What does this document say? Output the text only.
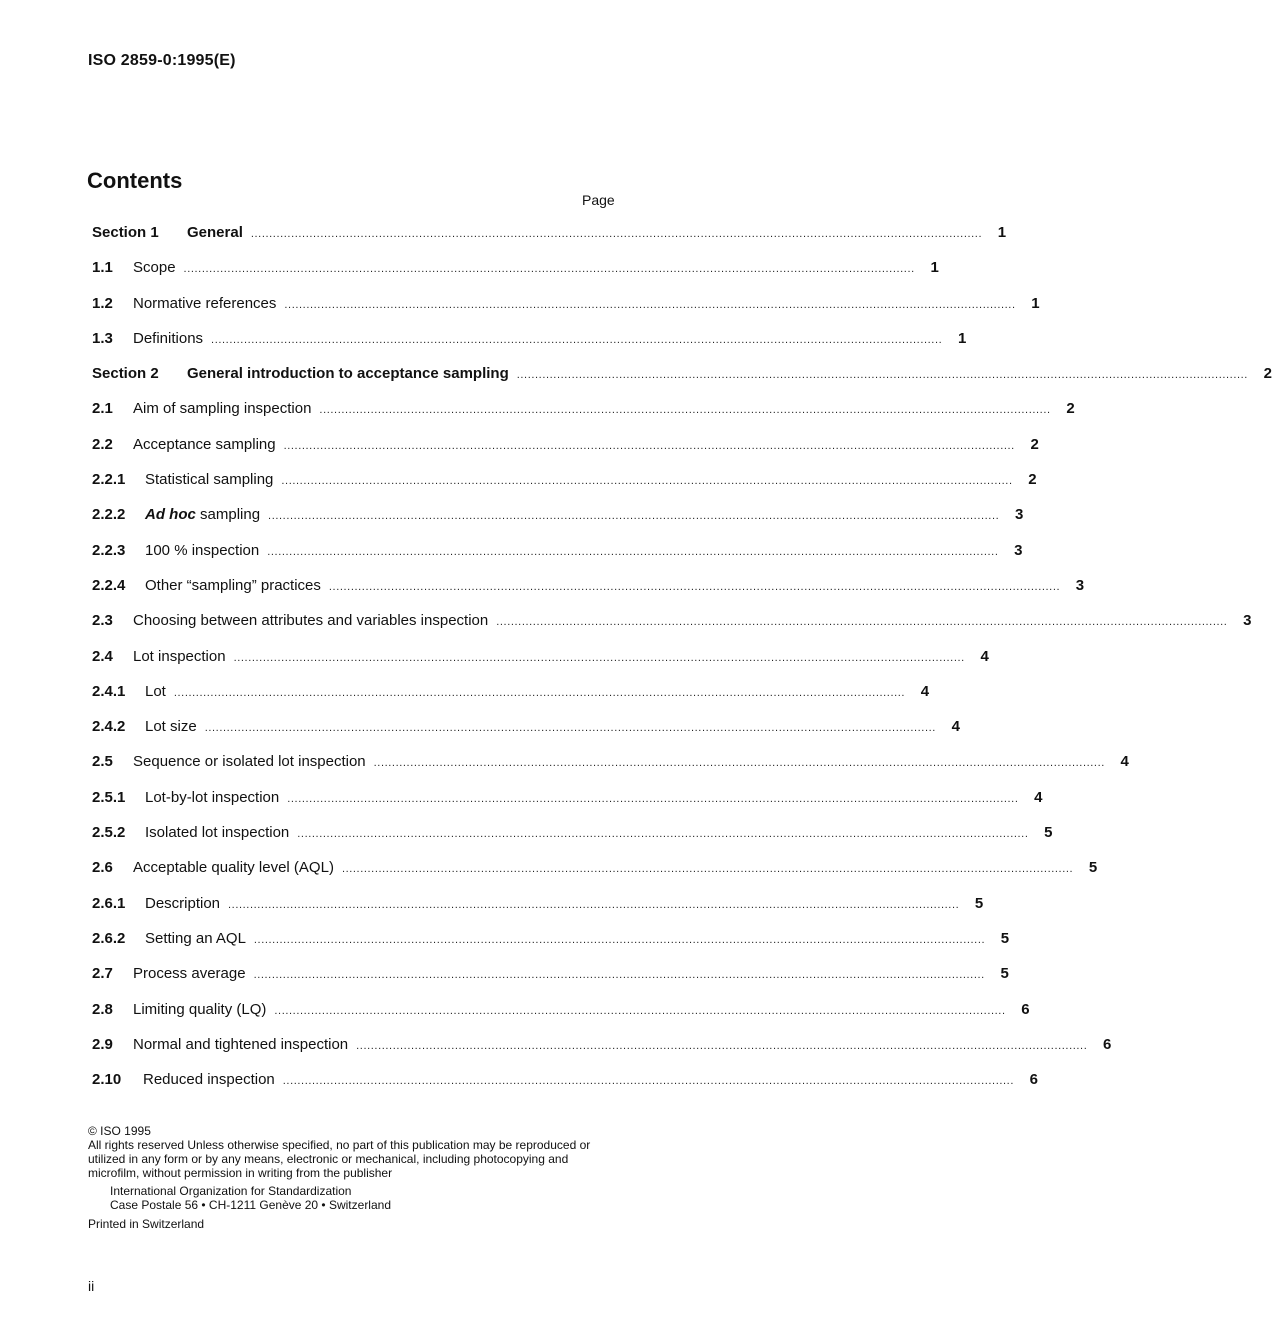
ISO 2859-0:1995(E)
Contents
Page
Section 1	General ........................................................................................................................................................................................................	1
1.1	Scope ........................................................................................................................................................................................................	1
1.2	Normative references ........................................................................................................................................................................................................	1
1.3	Definitions ........................................................................................................................................................................................................	1
Section 2	General introduction to acceptance sampling ........................................................................................................................................................................................................	2
2.1	Aim of sampling inspection ........................................................................................................................................................................................................	2
2.2	Acceptance sampling ........................................................................................................................................................................................................	2
2.2.1	Statistical sampling ........................................................................................................................................................................................................	2
2.2.2	Ad hoc sampling ........................................................................................................................................................................................................	3
2.2.3	100 % inspection ........................................................................................................................................................................................................	3
2.2.4	Other “sampling” practices ........................................................................................................................................................................................................	3
2.3	Choosing between attributes and variables inspection ........................................................................................................................................................................................................	3
2.4	Lot inspection ........................................................................................................................................................................................................	4
2.4.1	Lot ........................................................................................................................................................................................................	4
2.4.2	Lot size ........................................................................................................................................................................................................	4
2.5	Sequence or isolated lot inspection ........................................................................................................................................................................................................	4
2.5.1	Lot-by-lot inspection ........................................................................................................................................................................................................	4
2.5.2	Isolated lot inspection ........................................................................................................................................................................................................	5
2.6	Acceptable quality level (AQL) ........................................................................................................................................................................................................	5
2.6.1	Description ........................................................................................................................................................................................................	5
2.6.2	Setting an AQL ........................................................................................................................................................................................................	5
2.7	Process average ........................................................................................................................................................................................................	5
2.8	Limiting quality (LQ) ........................................................................................................................................................................................................	6
2.9	Normal and tightened inspection ........................................................................................................................................................................................................	6
2.10	Reduced inspection ........................................................................................................................................................................................................	6
© ISO 1995
All rights reserved Unless otherwise specified, no part of this publication may be reproduced or utilized in any form or by any means, electronic or mechanical, including photocopying and microfilm, without permission in writing from the publisher
International Organization for Standardization
Case Postale 56 • CH-1211 Genève 20 • Switzerland
Printed in Switzerland
ii
